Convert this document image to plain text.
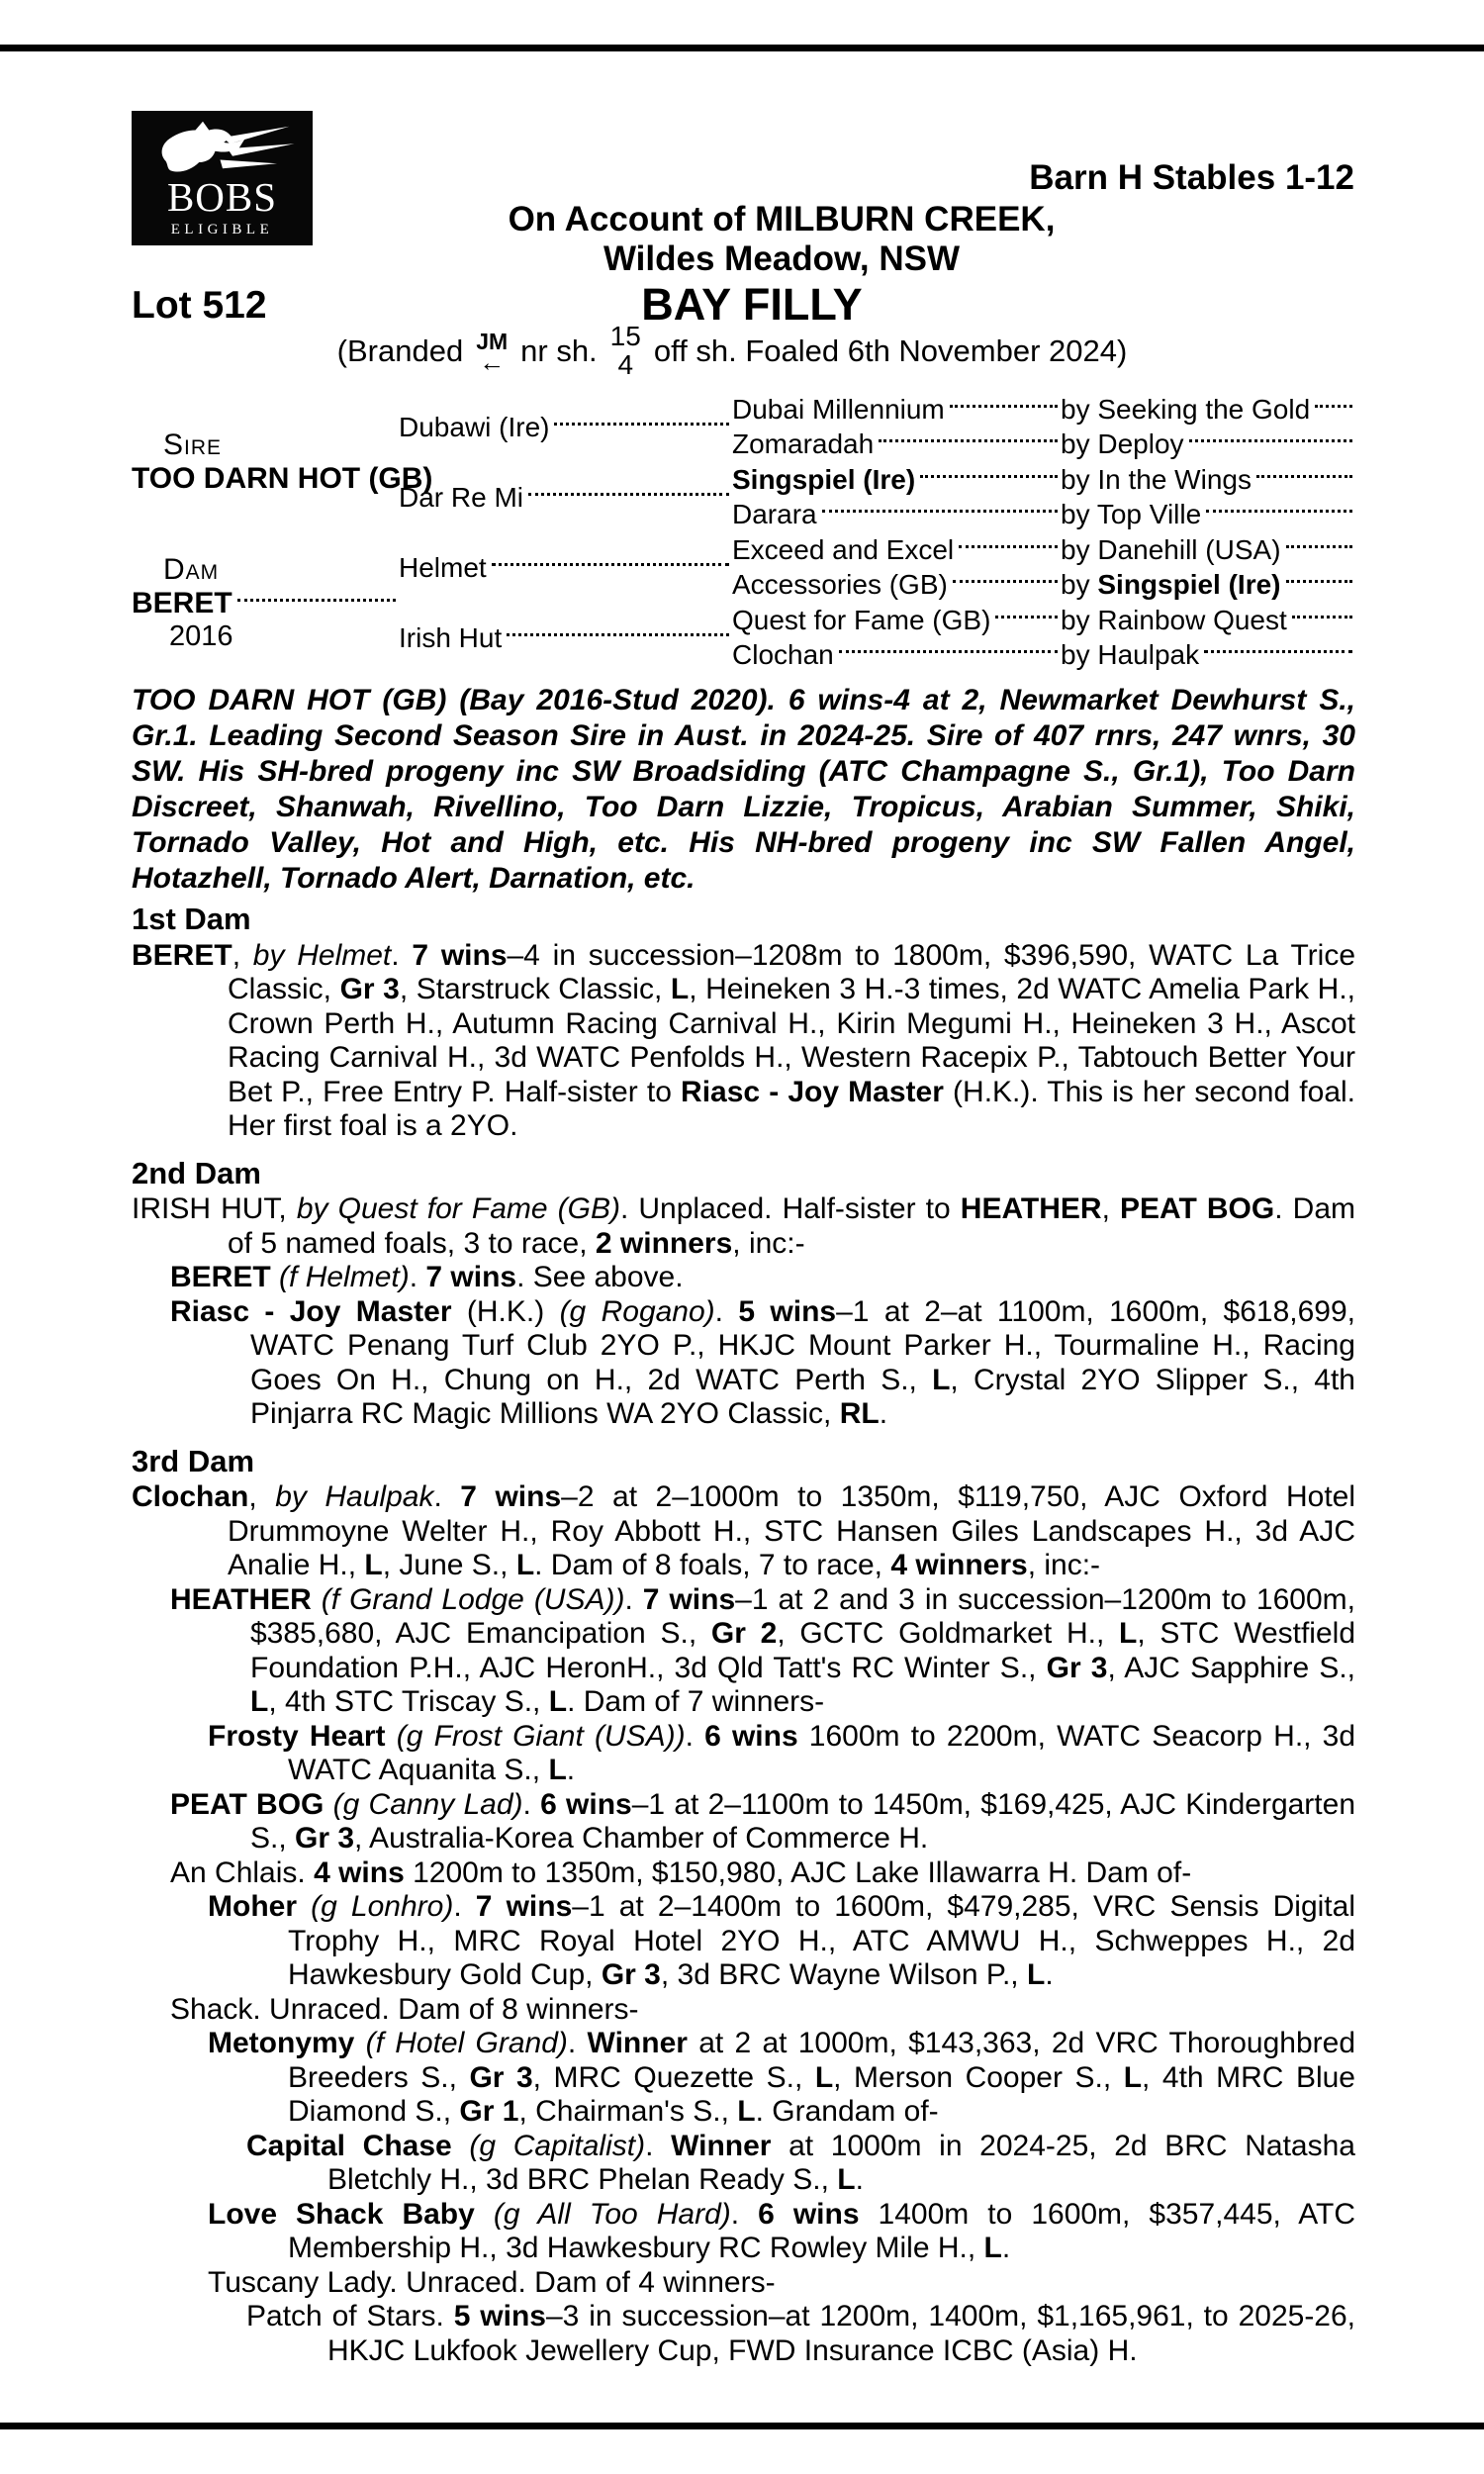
BOBS
ELIGIBLE
Barn H Stables 1-12
On Account of MILBURN CREEK,
Wildes Meadow, NSW
Lot 512	BAY FILLY
(Branded JM
← nr sh. 15
4 off sh. Foaled 6th November 2024)
Sire
TOO DARN HOT (GB)
Dam
BERET
2016
Dubawi (Ire)
Dar Re Mi
Helmet
Irish Hut
Dubai Millennium	by Seeking the Gold
Zomaradah	by Deploy
Singspiel (Ire)	by In the Wings
Darara	by Top Ville
Exceed and Excel	by Danehill (USA)
Accessories (GB)	by Singspiel (Ire)
Quest for Fame (GB)	by Rainbow Quest
Clochan	by Haulpak
TOO DARN HOT (GB) (Bay 2016-Stud 2020). 6 wins-4 at 2, Newmarket Dewhurst S., Gr.1. Leading Second Season Sire in Aust. in 2024-25. Sire of 407 rnrs, 247 wnrs, 30 SW. His SH-bred progeny inc SW Broadsiding (ATC Champagne S., Gr.1), Too Darn Discreet, Shanwah, Rivellino, Too Darn Lizzie, Tropicus, Arabian Summer, Shiki, Tornado Valley, Hot and High, etc. His NH-bred progeny inc SW Fallen Angel, Hotazhell, Tornado Alert, Darnation, etc.
1st Dam
BERET, by Helmet. 7 wins–4 in succession–1208m to 1800m, $396,590, WATC La Trice Classic, Gr 3, Starstruck Classic, L, Heineken 3 H.-3 times, 2d WATC Amelia Park H., Crown Perth H., Autumn Racing Carnival H., Kirin Megumi H., Heineken 3 H., Ascot Racing Carnival H., 3d WATC Penfolds H., Western Racepix P., Tabtouch Better Your Bet P., Free Entry P. Half-sister to Riasc - Joy Master (H.K.). This is her second foal. Her first foal is a 2YO.
2nd Dam
IRISH HUT, by Quest for Fame (GB). Unplaced. Half-sister to HEATHER, PEAT BOG. Dam of 5 named foals, 3 to race, 2 winners, inc:-
BERET (f Helmet). 7 wins. See above.
Riasc - Joy Master (H.K.) (g Rogano). 5 wins–1 at 2–at 1100m, 1600m, $618,699, WATC Penang Turf Club 2YO P., HKJC Mount Parker H., Tourmaline H., Racing Goes On H., Chung on H., 2d WATC Perth S., L, Crystal 2YO Slipper S., 4th Pinjarra RC Magic Millions WA 2YO Classic, RL.
3rd Dam
Clochan, by Haulpak. 7 wins–2 at 2–1000m to 1350m, $119,750, AJC Oxford Hotel Drummoyne Welter H., Roy Abbott H., STC Hansen Giles Landscapes H., 3d AJC Analie H., L, June S., L. Dam of 8 foals, 7 to race, 4 winners, inc:-
HEATHER (f Grand Lodge (USA)). 7 wins–1 at 2 and 3 in succession–1200m to 1600m, $385,680, AJC Emancipation S., Gr 2, GCTC Goldmarket H., L, STC Westfield Foundation P.H., AJC HeronH., 3d Qld Tatt's RC Winter S., Gr 3, AJC Sapphire S., L, 4th STC Triscay S., L. Dam of 7 winners-
Frosty Heart (g Frost Giant (USA)). 6 wins 1600m to 2200m, WATC Seacorp H., 3d WATC Aquanita S., L.
PEAT BOG (g Canny Lad). 6 wins–1 at 2–1100m to 1450m, $169,425, AJC Kindergarten S., Gr 3, Australia-Korea Chamber of Commerce H.
An Chlais. 4 wins 1200m to 1350m, $150,980, AJC Lake Illawarra H. Dam of-
Moher (g Lonhro). 7 wins–1 at 2–1400m to 1600m, $479,285, VRC Sensis Digital Trophy H., MRC Royal Hotel 2YO H., ATC AMWU H., Schweppes H., 2d Hawkesbury Gold Cup, Gr 3, 3d BRC Wayne Wilson P., L.
Shack. Unraced. Dam of 8 winners-
Metonymy (f Hotel Grand). Winner at 2 at 1000m, $143,363, 2d VRC Thoroughbred Breeders S., Gr 3, MRC Quezette S., L, Merson Cooper S., L, 4th MRC Blue Diamond S., Gr 1, Chairman's S., L. Grandam of-
Capital Chase (g Capitalist). Winner at 1000m in 2024-25, 2d BRC Natasha Bletchly H., 3d BRC Phelan Ready S., L.
Love Shack Baby (g All Too Hard). 6 wins 1400m to 1600m, $357,445, ATC Membership H., 3d Hawkesbury RC Rowley Mile H., L.
Tuscany Lady. Unraced. Dam of 4 winners-
Patch of Stars. 5 wins–3 in succession–at 1200m, 1400m, $1,165,961, to 2025-26, HKJC Lukfook Jewellery Cup, FWD Insurance ICBC (Asia) H.
